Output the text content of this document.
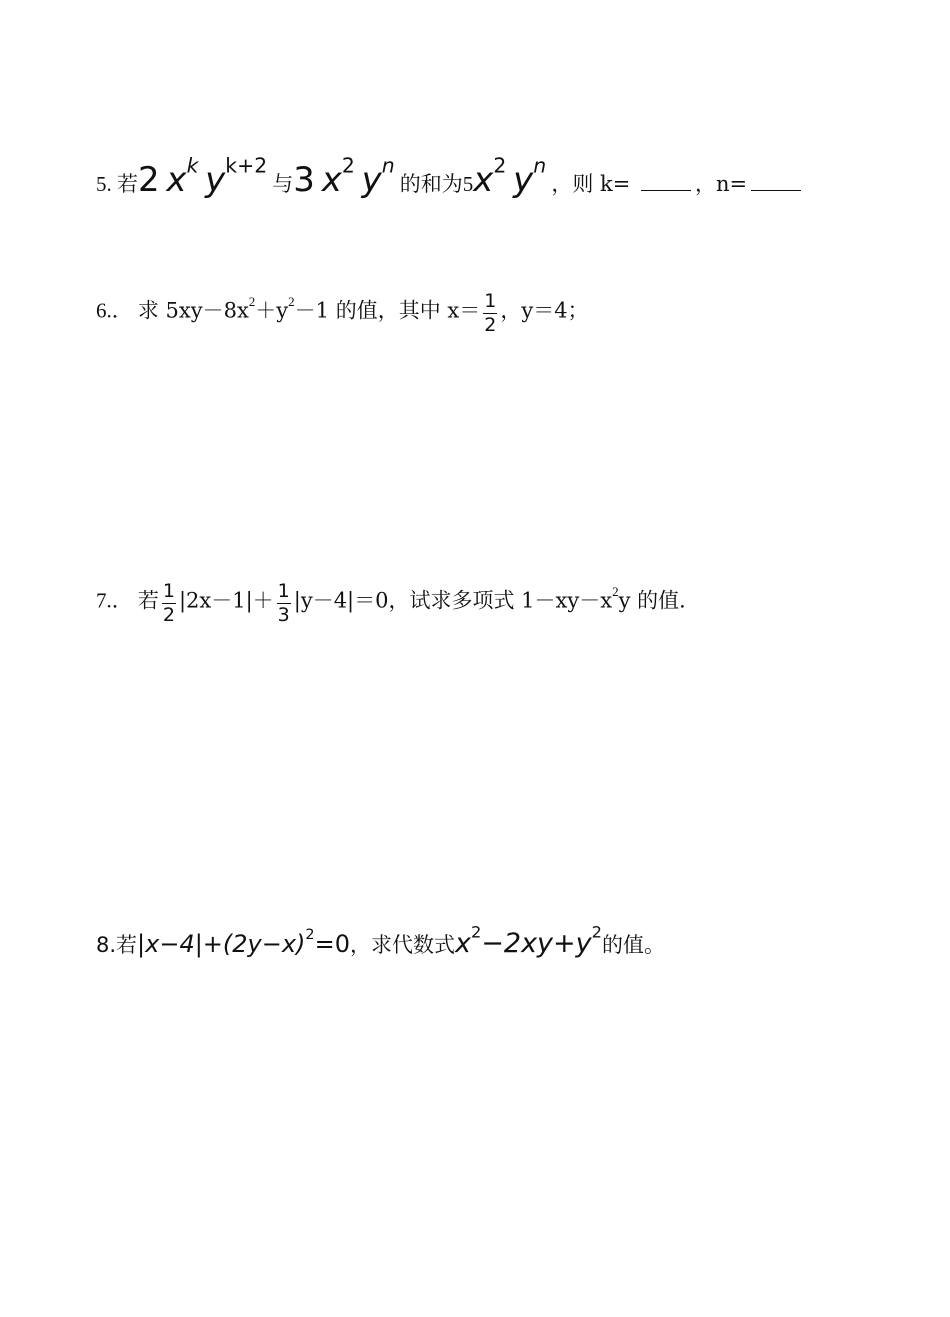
5. 若2 $x^k$ $y^{k+2}$ 与3 $x^2$ $y^n$ 的和为$5x^2$ $y^n$ ，则 k=	，n=
6.． 求 $5xy-8x^2+y^2-1$ 的值，其中 $x= \frac{1}{2}$ ，y＝4；
7.． 若 $\frac{1}{2} |2x-1|+ \frac{1}{3} |y-4|=0$，试求多项式 $1-xy-x^2y$ 的值．
8.若$|x-4|+(2y-x)^2=0$，求代数式$x^2-2xy+y^2$的值。
